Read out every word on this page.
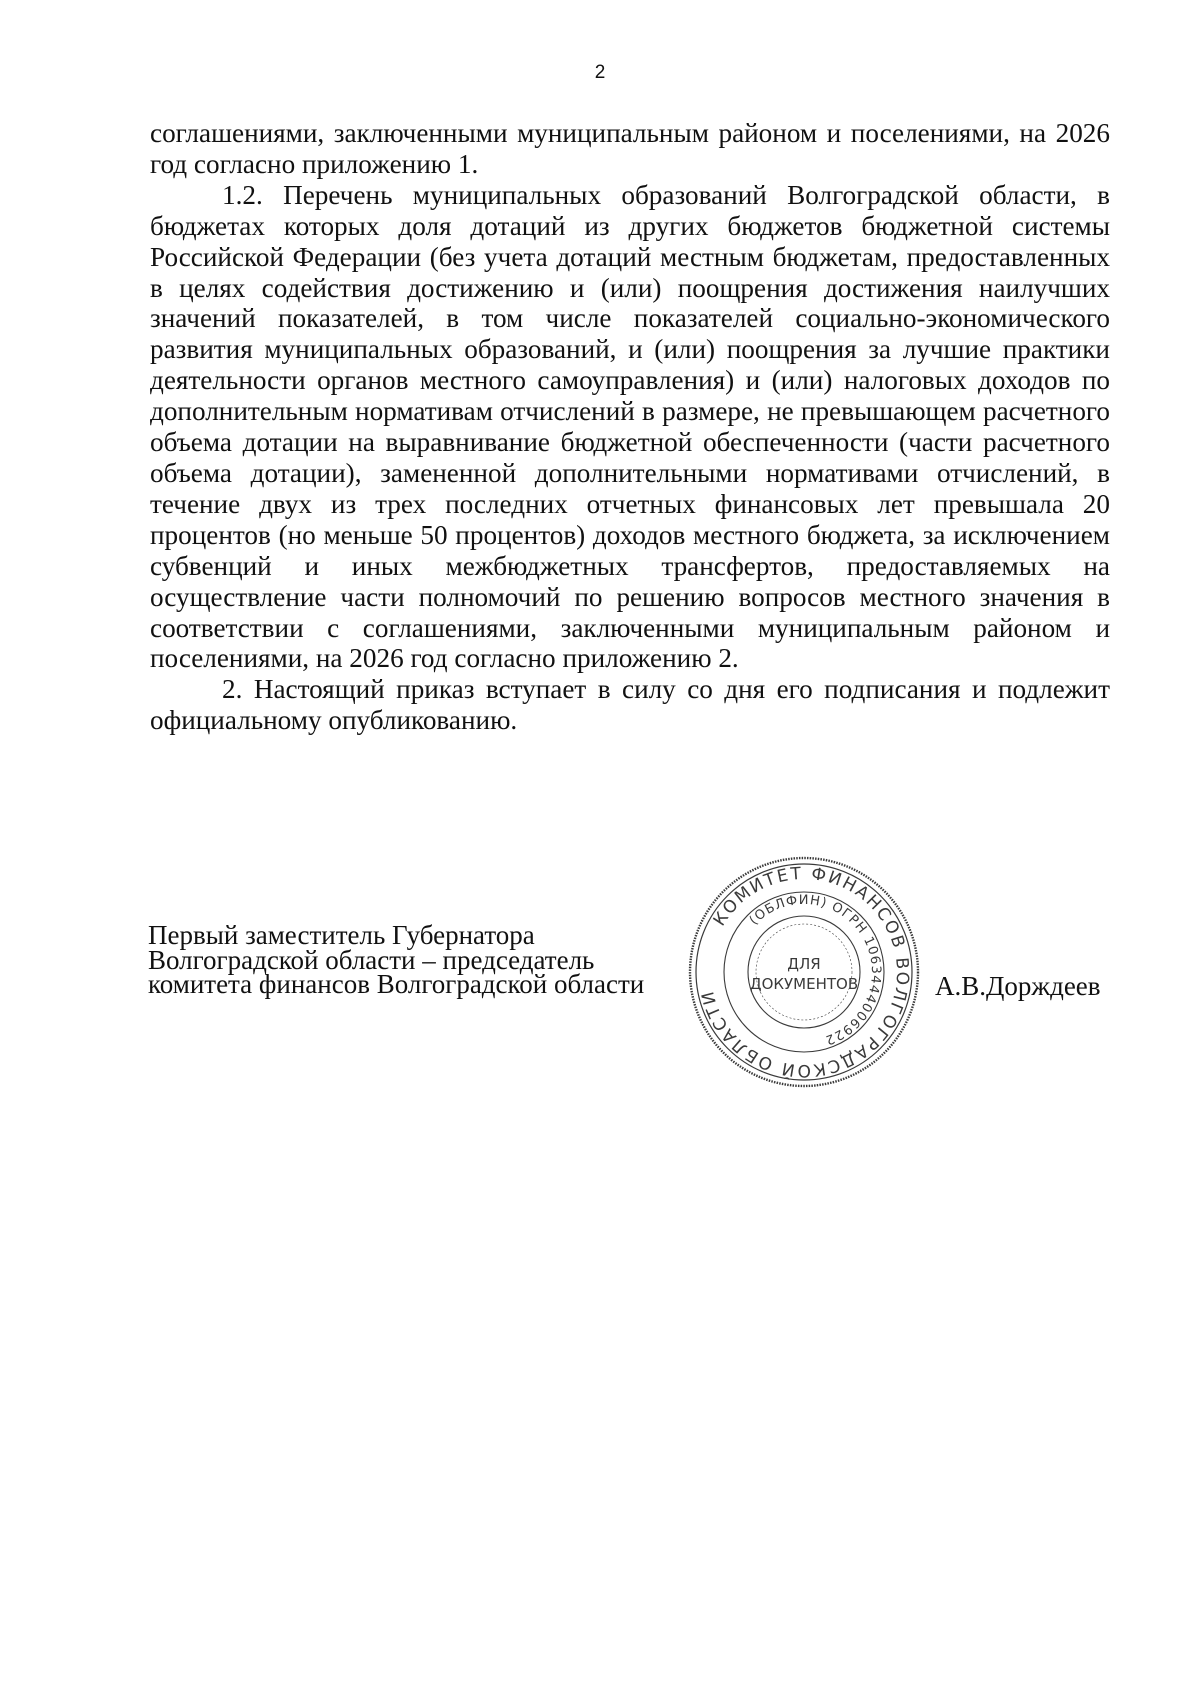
2

соглашениями, заключенными муниципальным районом и поселениями, на 2026 год согласно приложению 1.

1.2. Перечень муниципальных образований Волгоградской области, в бюджетах которых доля дотаций из других бюджетов бюджетной системы Российской Федерации (без учета дотаций местным бюджетам, предоставленных в целях содействия достижению и (или) поощрения достижения наилучших значений показателей, в том числе показателей социально-экономического развития муниципальных образований, и (или) поощрения за лучшие практики деятельности органов местного самоуправления) и (или) налоговых доходов по дополнительным нормативам отчислений в размере, не превышающем расчетного объема дотации на выравнивание бюджетной обеспеченности (части расчетного объема дотации), замененной дополнительными нормативами отчислений, в течение двух из трех последних отчетных финансовых лет превышала 20 процентов (но меньше 50 процентов) доходов местного бюджета, за исключением субвенций и иных межбюджетных трансфертов, предоставляемых на осуществление части полномочий по решению вопросов местного значения в соответствии с соглашениями, заключенными муниципальным районом и поселениями, на 2026 год согласно приложению 2.

2. Настоящий приказ вступает в силу со дня его подписания и подлежит официальному опубликованию.

Первый заместитель Губернатора
Волгоградской области – председатель
комитета финансов Волгоградской области
КОМИТЕТ ФИНАНСОВ ВОЛГОГРАДСКОЙ ОБЛАСТИ
(ОБЛФИН) ОГРН 1063444006922
ДЛЯ
ДОКУМЕНТОВ	А.В.Дорждеев
